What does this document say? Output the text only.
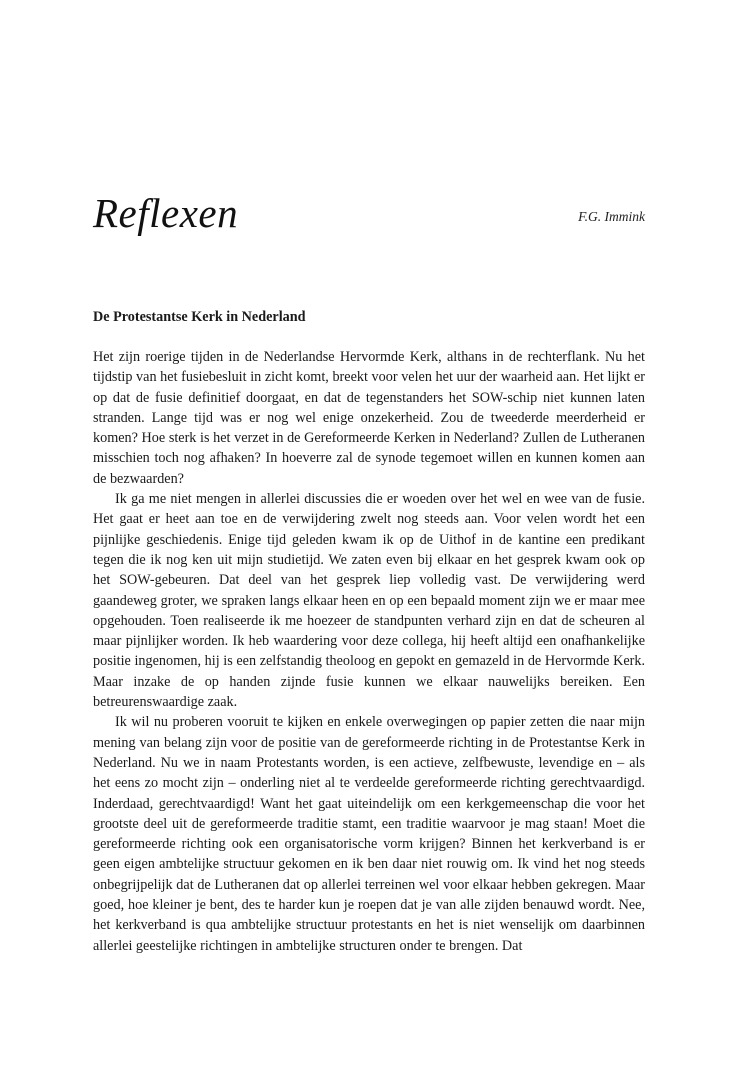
Reflexen	F.G. Immink
De Protestantse Kerk in Nederland

Het zijn roerige tijden in de Nederlandse Hervormde Kerk, althans in de rechterflank. Nu het tijdstip van het fusiebesluit in zicht komt, breekt voor velen het uur der waarheid aan. Het lijkt er op dat de fusie definitief doorgaat, en dat de tegenstanders het SOW-schip niet kunnen laten stranden. Lange tijd was er nog wel enige onzekerheid. Zou de tweederde meerderheid er komen? Hoe sterk is het verzet in de Gereformeerde Kerken in Nederland? Zullen de Lutheranen misschien toch nog afhaken? In hoeverre zal de synode tegemoet willen en kunnen komen aan de bezwaarden?

Ik ga me niet mengen in allerlei discussies die er woeden over het wel en wee van de fusie. Het gaat er heet aan toe en de verwijdering zwelt nog steeds aan. Voor velen wordt het een pijnlijke geschiedenis. Enige tijd geleden kwam ik op de Uithof in de kantine een predikant tegen die ik nog ken uit mijn studietijd. We zaten even bij elkaar en het gesprek kwam ook op het SOW-gebeuren. Dat deel van het gesprek liep volledig vast. De verwijdering werd gaandeweg groter, we spraken langs elkaar heen en op een bepaald moment zijn we er maar mee opgehouden. Toen realiseerde ik me hoezeer de standpunten verhard zijn en dat de scheuren al maar pijnlijker worden. Ik heb waardering voor deze collega, hij heeft altijd een onafhankelijke positie ingenomen, hij is een zelfstandig theoloog en gepokt en gemazeld in de Hervormde Kerk. Maar inzake de op handen zijnde fusie kunnen we elkaar nauwelijks bereiken. Een betreurenswaardige zaak.

Ik wil nu proberen vooruit te kijken en enkele overwegingen op papier zetten die naar mijn mening van belang zijn voor de positie van de gereformeerde richting in de Protestantse Kerk in Nederland. Nu we in naam Protestants worden, is een actieve, zelfbewuste, levendige en – als het eens zo mocht zijn – onderling niet al te verdeelde gereformeerde richting gerechtvaardigd. Inderdaad, gerechtvaardigd! Want het gaat uiteindelijk om een kerkgemeenschap die voor het grootste deel uit de gereformeerde traditie stamt, een traditie waarvoor je mag staan! Moet die gereformeerde richting ook een organisatorische vorm krijgen? Binnen het kerkverband is er geen eigen ambtelijke structuur gekomen en ik ben daar niet rouwig om. Ik vind het nog steeds onbegrijpelijk dat de Lutheranen dat op allerlei terreinen wel voor elkaar hebben gekregen. Maar goed, hoe kleiner je bent, des te harder kun je roepen dat je van alle zijden benauwd wordt. Nee, het kerkverband is qua ambtelijke structuur protestants en het is niet wenselijk om daarbinnen allerlei geestelijke richtingen in ambtelijke structuren onder te brengen. Dat
